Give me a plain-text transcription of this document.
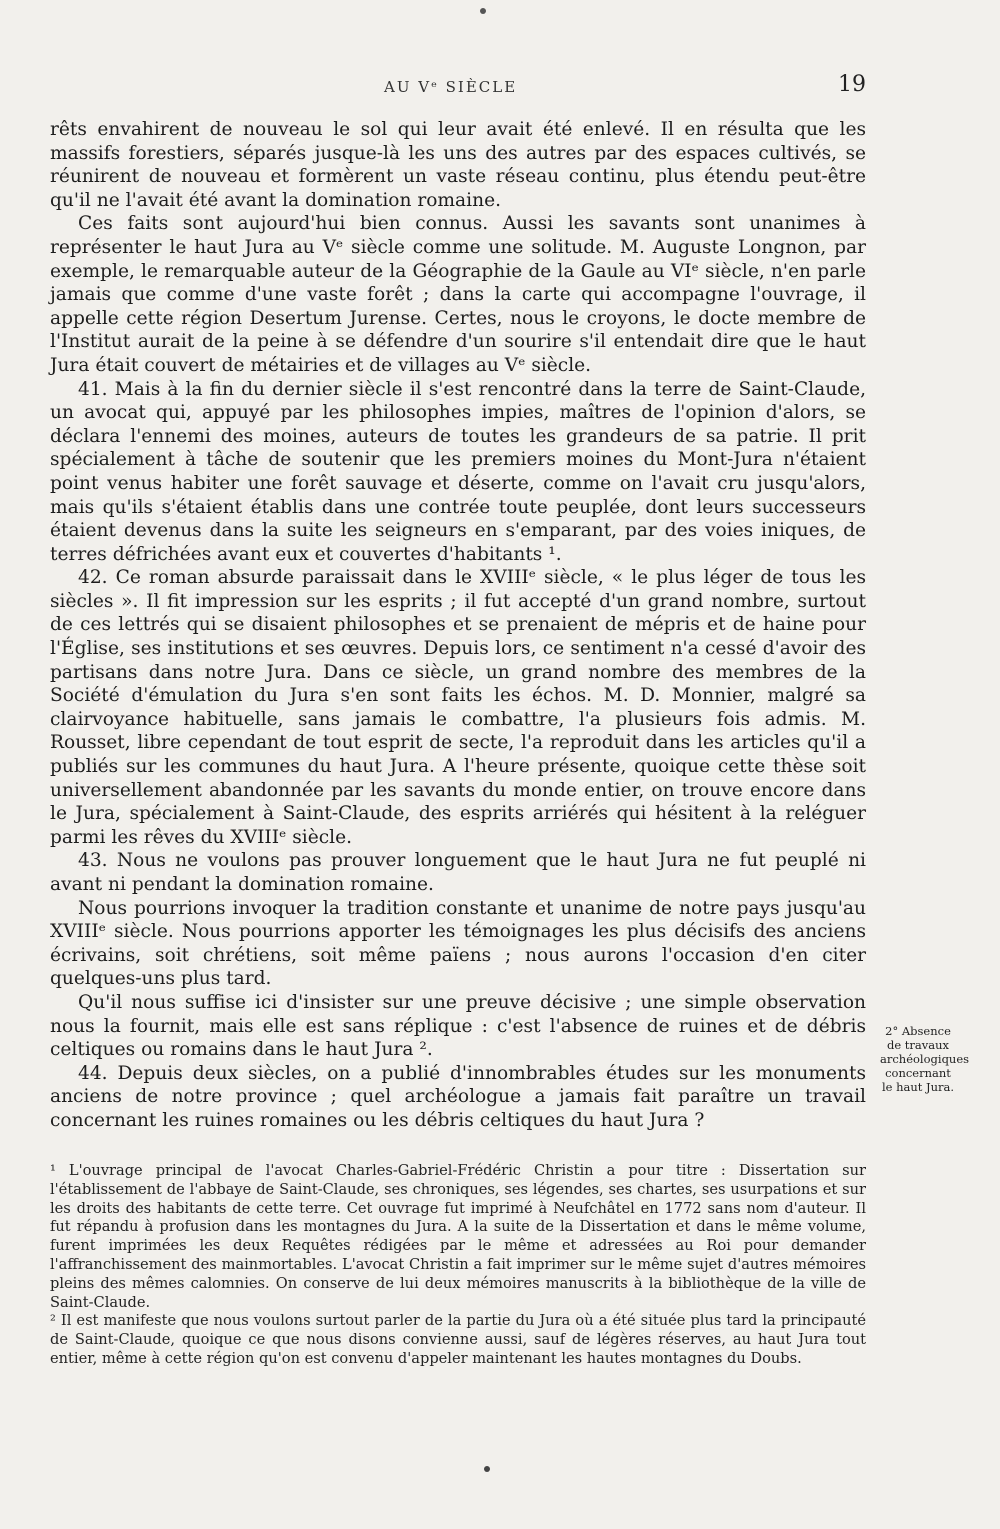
AU Vᵉ SIÈCLE	19

rêts envahirent de nouveau le sol qui leur avait été enlevé. Il en résulta que les massifs forestiers, séparés jusque-là les uns des autres par des espaces cultivés, se réunirent de nouveau et formèrent un vaste réseau continu, plus étendu peut-être qu'il ne l'avait été avant la domination romaine.

Ces faits sont aujourd'hui bien connus. Aussi les savants sont unanimes à représenter le haut Jura au Vᵉ siècle comme une solitude. M. Auguste Longnon, par exemple, le remarquable auteur de la Géographie de la Gaule au VIᵉ siècle, n'en parle jamais que comme d'une vaste forêt ; dans la carte qui accompagne l'ouvrage, il appelle cette région Desertum Jurense. Certes, nous le croyons, le docte membre de l'Institut aurait de la peine à se défendre d'un sourire s'il entendait dire que le haut Jura était couvert de métairies et de villages au Vᵉ siècle.

41. Mais à la fin du dernier siècle il s'est rencontré dans la terre de Saint-Claude, un avocat qui, appuyé par les philosophes impies, maîtres de l'opinion d'alors, se déclara l'ennemi des moines, auteurs de toutes les grandeurs de sa patrie. Il prit spécialement à tâche de soutenir que les premiers moines du Mont-Jura n'étaient point venus habiter une forêt sauvage et déserte, comme on l'avait cru jusqu'alors, mais qu'ils s'étaient établis dans une contrée toute peuplée, dont leurs successeurs étaient devenus dans la suite les seigneurs en s'emparant, par des voies iniques, de terres défrichées avant eux et couvertes d'habitants ¹.

42. Ce roman absurde paraissait dans le XVIIIᵉ siècle, « le plus léger de tous les siècles ». Il fit impression sur les esprits ; il fut accepté d'un grand nombre, surtout de ces lettrés qui se disaient philosophes et se prenaient de mépris et de haine pour l'Église, ses institutions et ses œuvres. Depuis lors, ce sentiment n'a cessé d'avoir des partisans dans notre Jura. Dans ce siècle, un grand nombre des membres de la Société d'émulation du Jura s'en sont faits les échos. M. D. Monnier, malgré sa clairvoyance habituelle, sans jamais le combattre, l'a plusieurs fois admis. M. Rousset, libre cependant de tout esprit de secte, l'a reproduit dans les articles qu'il a publiés sur les communes du haut Jura. A l'heure présente, quoique cette thèse soit universellement abandonnée par les savants du monde entier, on trouve encore dans le Jura, spécialement à Saint-Claude, des esprits arriérés qui hésitent à la reléguer parmi les rêves du XVIIIᵉ siècle.

43. Nous ne voulons pas prouver longuement que le haut Jura ne fut peuplé ni avant ni pendant la domination romaine.

Nous pourrions invoquer la tradition constante et unanime de notre pays jusqu'au XVIIIᵉ siècle. Nous pourrions apporter les témoignages les plus décisifs des anciens écrivains, soit chrétiens, soit même païens ; nous aurons l'occasion d'en citer quelques-uns plus tard.

Qu'il nous suffise ici d'insister sur une preuve décisive ; une simple observation nous la fournit, mais elle est sans réplique : c'est l'absence de ruines et de débris celtiques ou romains dans le haut Jura ².

44. Depuis deux siècles, on a publié d'innombrables études sur les monuments anciens de notre province ; quel archéologue a jamais fait paraître un travail concernant les ruines romaines ou les débris celtiques du haut Jura ?

2° Absence de travaux archéologiques concernant le haut Jura.

¹ L'ouvrage principal de l'avocat Charles-Gabriel-Frédéric Christin a pour titre : Dissertation sur l'établissement de l'abbaye de Saint-Claude, ses chroniques, ses légendes, ses chartes, ses usurpations et sur les droits des habitants de cette terre. Cet ouvrage fut imprimé à Neufchâtel en 1772 sans nom d'auteur. Il fut répandu à profusion dans les montagnes du Jura. A la suite de la Dissertation et dans le même volume, furent imprimées les deux Requêtes rédigées par le même et adressées au Roi pour demander l'affranchissement des mainmortables. L'avocat Christin a fait imprimer sur le même sujet d'autres mémoires pleins des mêmes calomnies. On conserve de lui deux mémoires manuscrits à la bibliothèque de la ville de Saint-Claude.

² Il est manifeste que nous voulons surtout parler de la partie du Jura où a été située plus tard la principauté de Saint-Claude, quoique ce que nous disons convienne aussi, sauf de légères réserves, au haut Jura tout entier, même à cette région qu'on est convenu d'appeler maintenant les hautes montagnes du Doubs.
